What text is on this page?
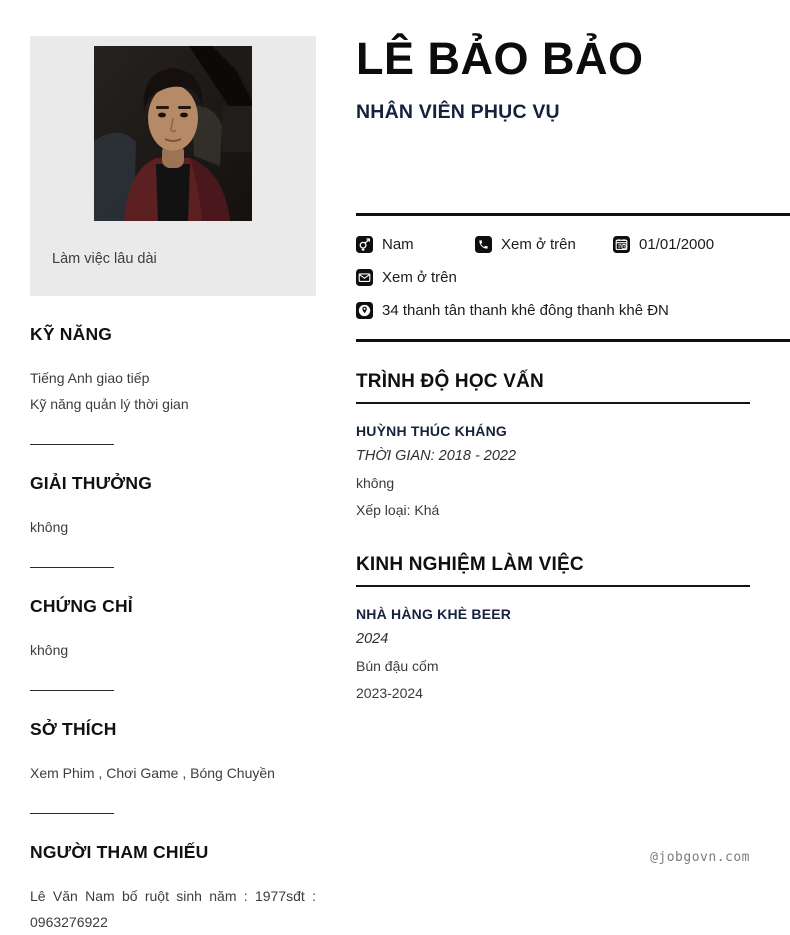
Làm việc lâu dài
KỸ NĂNG
Tiếng Anh giao tiếp
Kỹ năng quản lý thời gian
GIẢI THƯỞNG
không
CHỨNG CHỈ
không
SỞ THÍCH
Xem Phim , Chơi Game , Bóng Chuyền
NGƯỜI THAM CHIẾU
Lê Văn Nam bố ruột sinh năm : 1977sđt : 0963276922
LÊ BẢO BẢO
NHÂN VIÊN PHỤC VỤ
Nam	Xem ở trên	01/01/2000
Xem ở trên
34 thanh tân thanh khê đông thanh khê ĐN
TRÌNH ĐỘ HỌC VẤN
HUỲNH THÚC KHÁNG
THỜI GIAN: 2018 - 2022
không
Xếp loại: Khá
KINH NGHIỆM LÀM VIỆC
NHÀ HÀNG KHÈ BEER
2024
Bún đậu cốm
2023-2024
@jobgovn.com
